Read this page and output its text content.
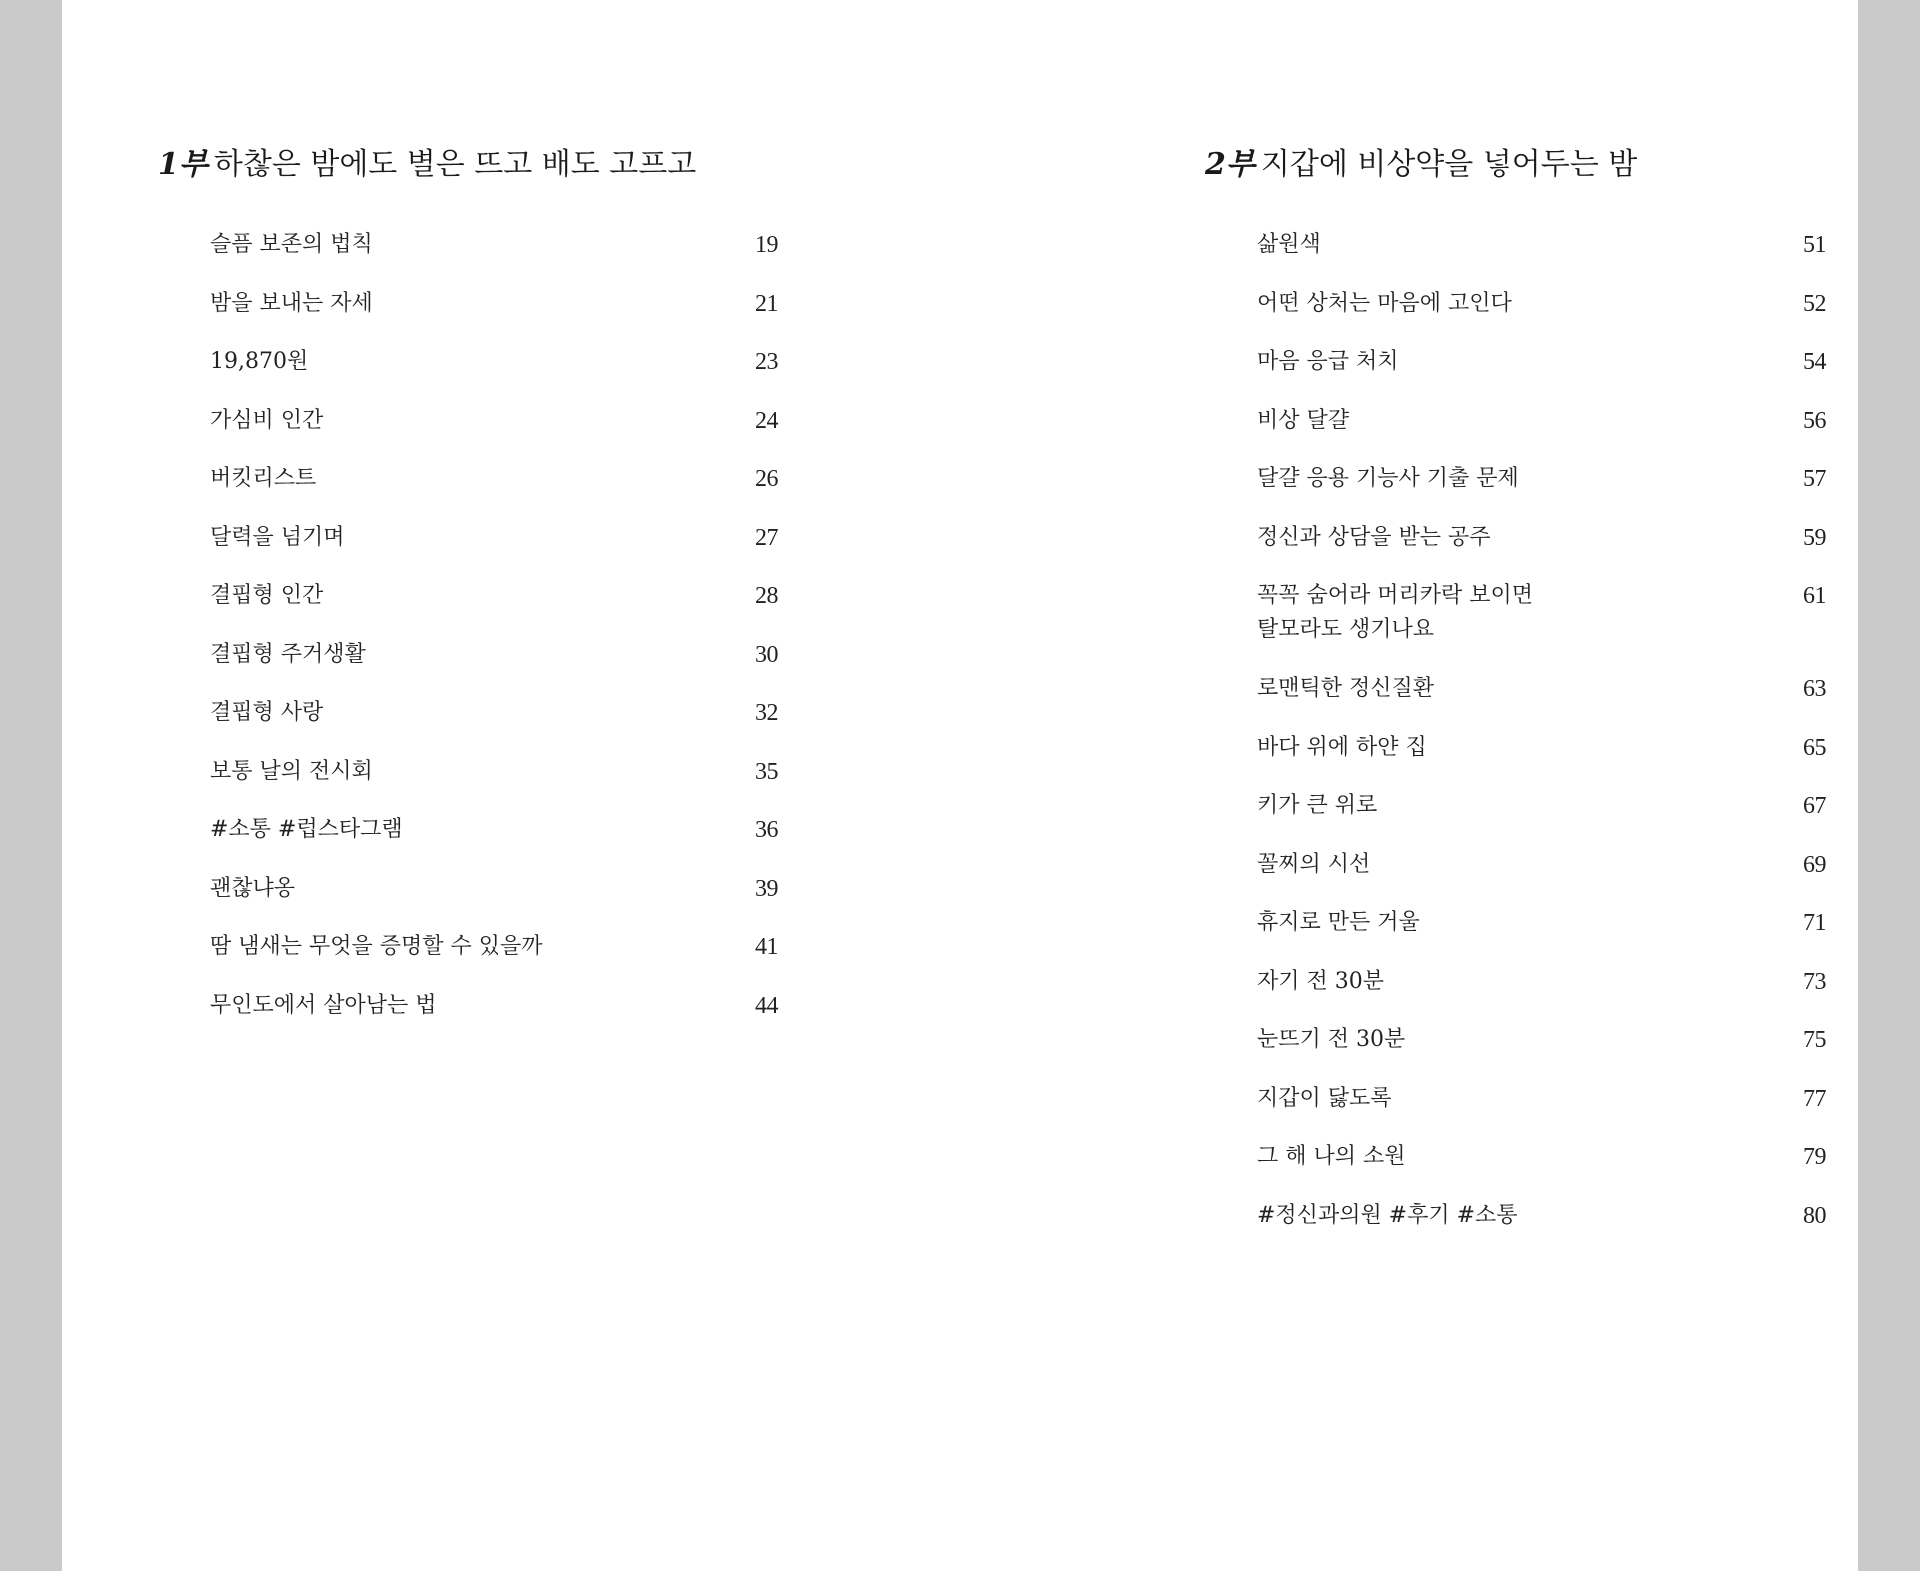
1부 하찮은 밤에도 별은 뜨고 배도 고프고
슬픔 보존의 법칙	19
밤을 보내는 자세	21
19,870원	23
가심비 인간	24
버킷리스트	26
달력을 넘기며	27
결핍형 인간	28
결핍형 주거생활	30
결핍형 사랑	32
보통 날의 전시회	35
#소통 #럽스타그램	36
괜찮냐옹	39
땀 냄새는 무엇을 증명할 수 있을까	41
무인도에서 살아남는 법	44
2부 지갑에 비상약을 넣어두는 밤
삶원색	51
어떤 상처는 마음에 고인다	52
마음 응급 처치	54
비상 달걀	56
달걀 응용 기능사 기출 문제	57
정신과 상담을 받는 공주	59
꼭꼭 숨어라 머리카락 보이면
탈모라도 생기나요
61
로맨틱한 정신질환	63
바다 위에 하얀 집	65
키가 큰 위로	67
꼴찌의 시선	69
휴지로 만든 거울	71
자기 전 30분	73
눈뜨기 전 30분	75
지갑이 닳도록	77
그 해 나의 소원	79
#정신과의원 #후기 #소통	80
